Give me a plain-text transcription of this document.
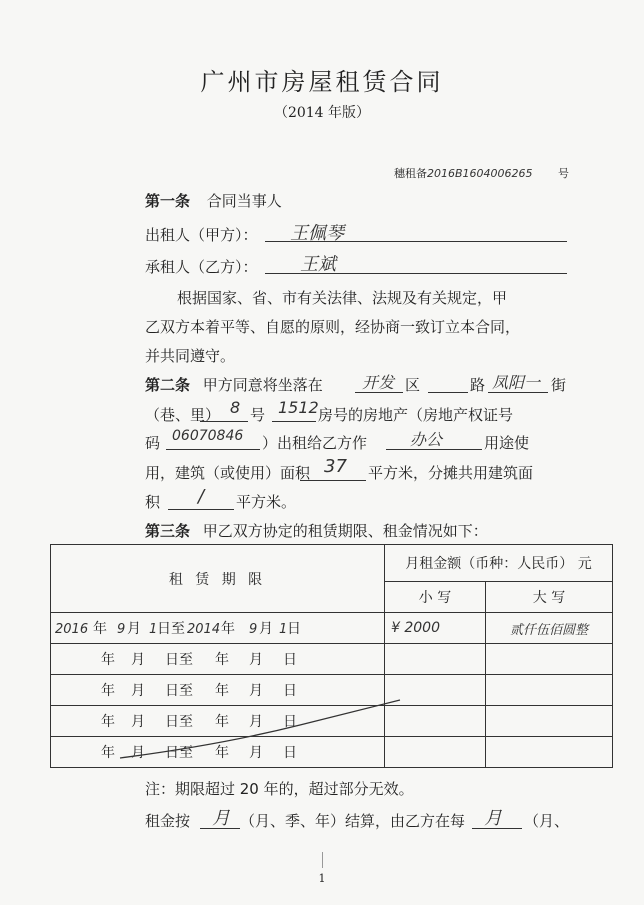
广州市房屋租赁合同
（2014 年版）
穗租备2016B1604006265 号
第一条 合同当事人
出租人（甲方）： 王佩琴
承租人（乙方）： 王斌
根据国家、省、市有关法律、法规及有关规定，甲
乙双方本着平等、自愿的原则，经协商一致订立本合同，
并共同遵守。
第二条 甲方同意将坐落在 开发 区	路 凤阳一 街
（巷、里） 8 号 1512 房号的房地产（房地产权证号
码 06070846 ）出租给乙方作	办公	用途使
用，建筑（或使用）面积 37 平方米，分摊共用建筑面
积 / 平方米。
第三条 甲乙双方协定的租赁期限、租金情况如下：
租 赁 期 限	月租金额（币种：人民币） 元	
	小 写	大 写
2016 年 9 月 1日至 2014年 9 月 1日	¥ 2000	贰仟伍佰圆整
年 月 日至 年 月 日		
年 月 日至 年 月 日		
年 月 日至 年 月 日		
年 月 日至 年 月 日		
注：期限超过 20 年的，超过部分无效。
租金按 月 （月、季、年）结算，由乙方在每 月 （月、
1
